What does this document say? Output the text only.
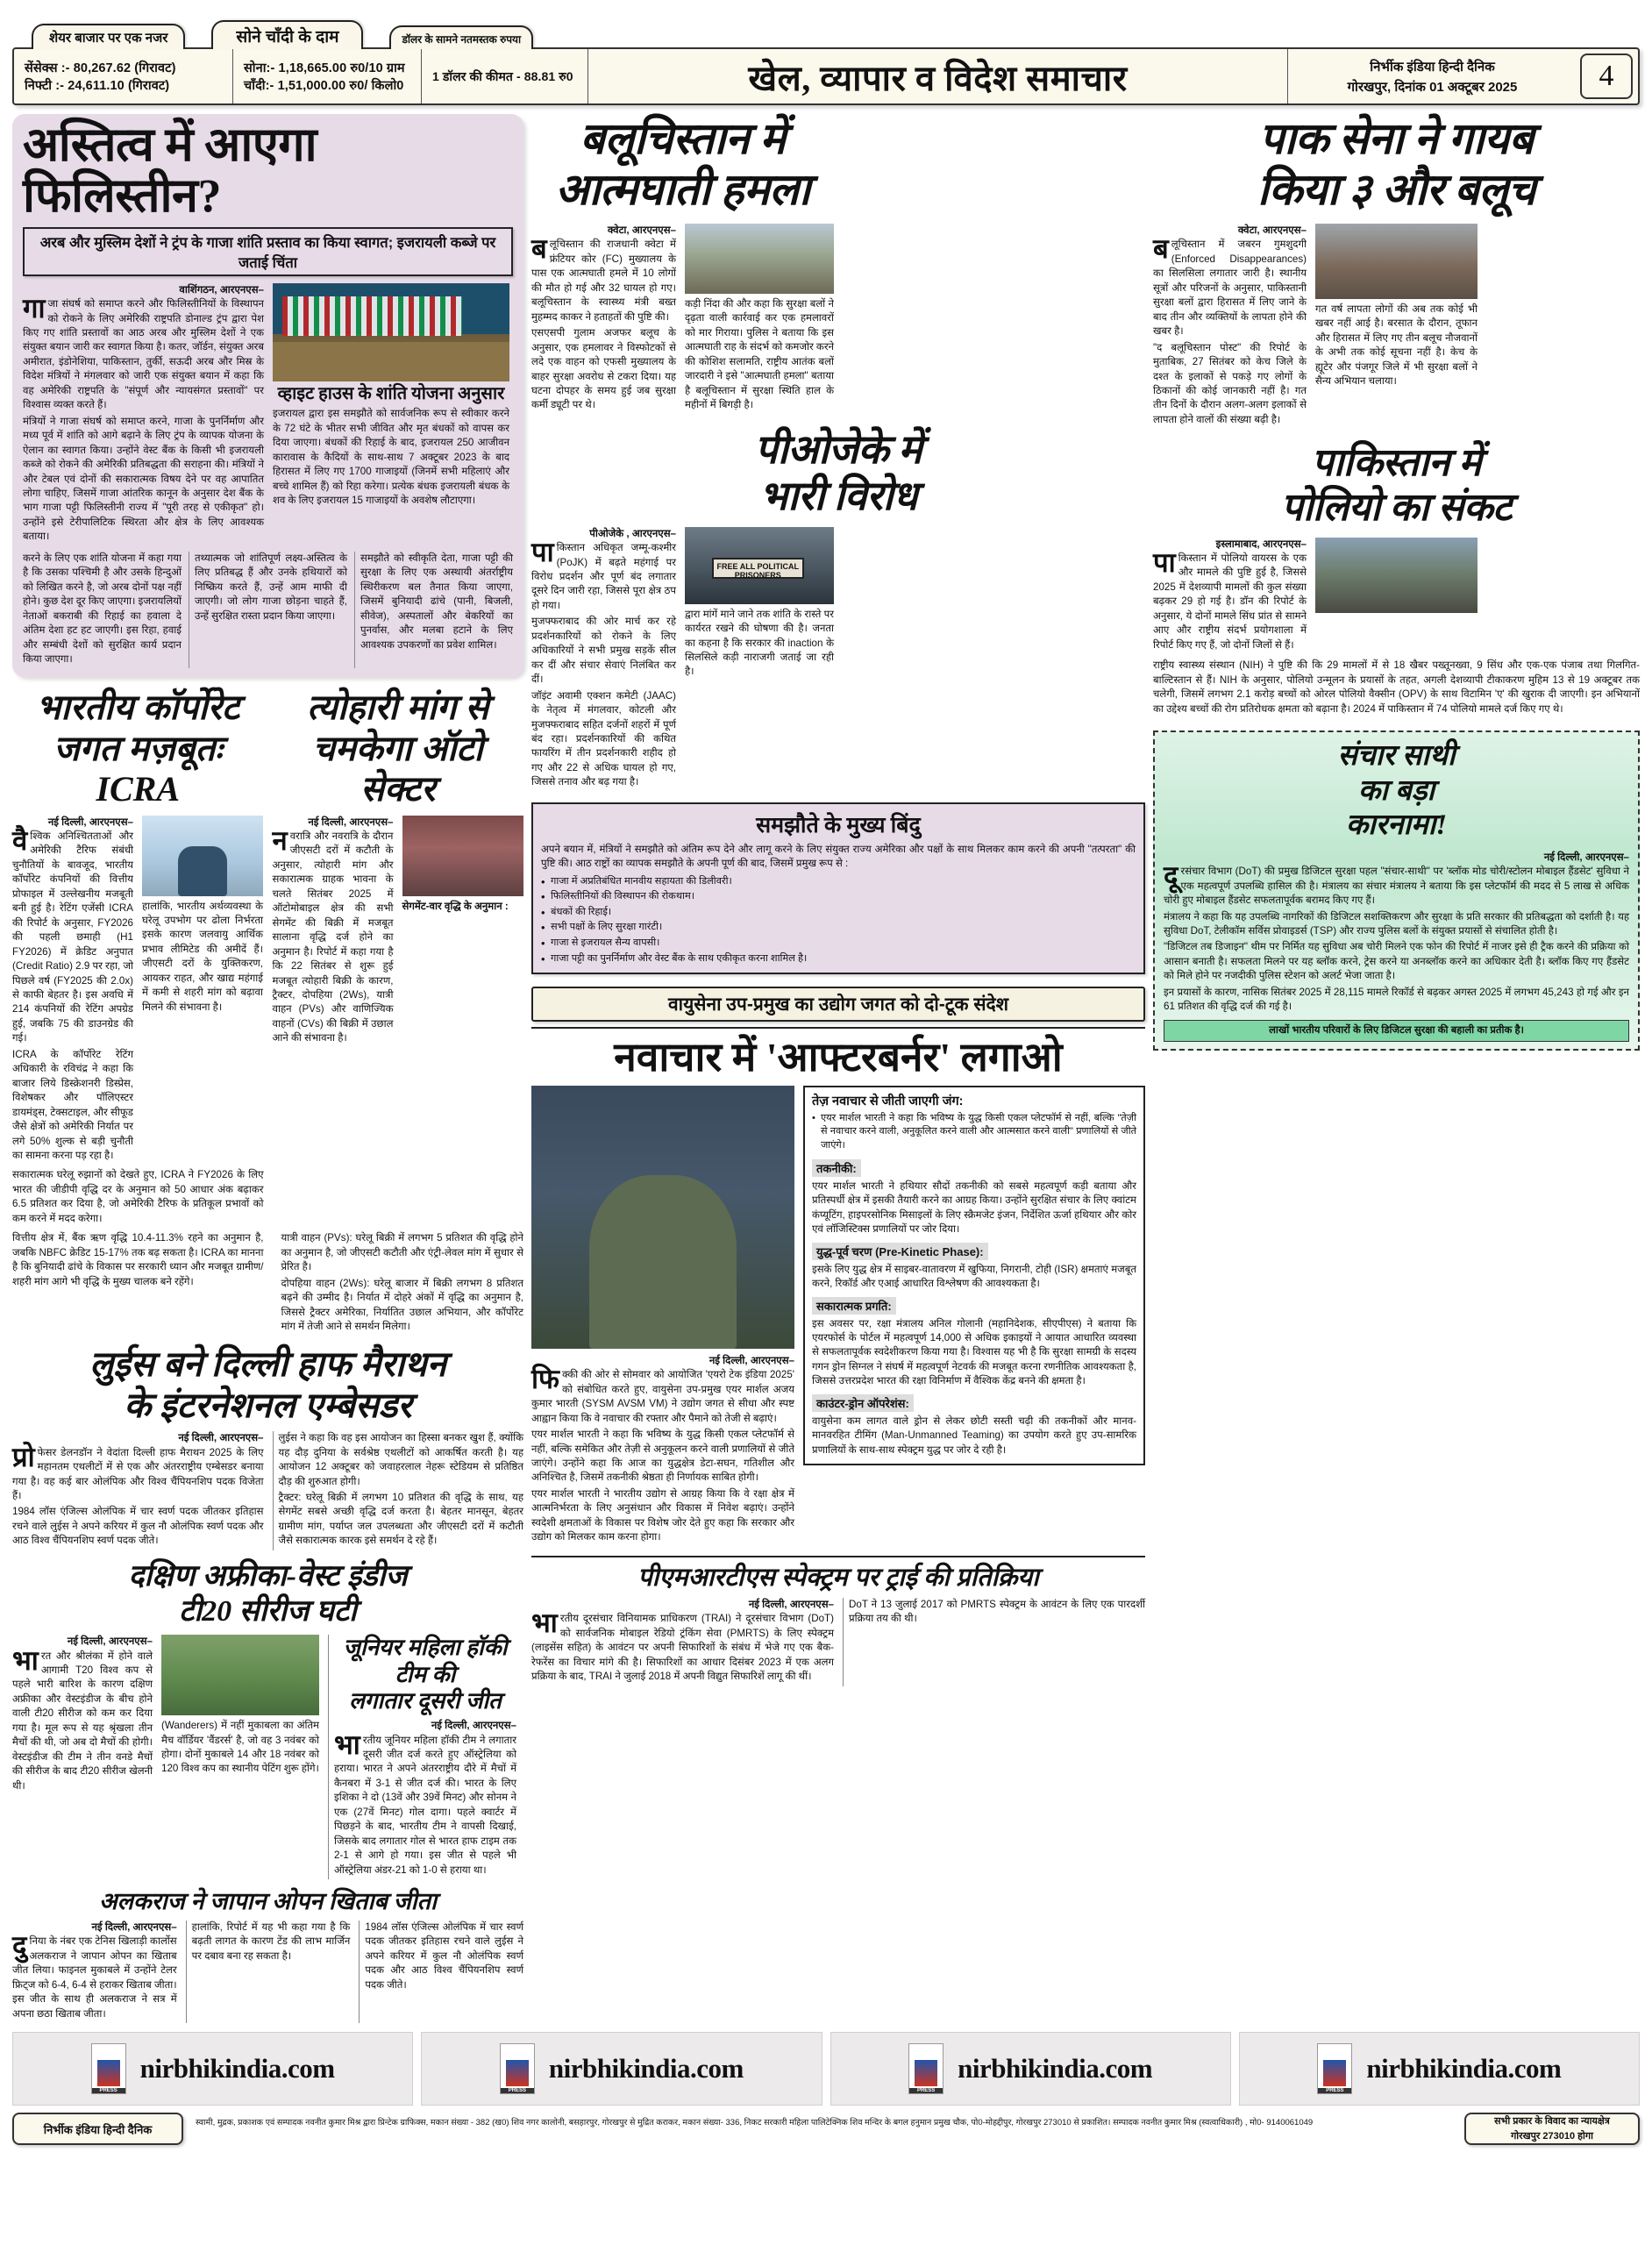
शेयर बाजार पर एक नजर	सोने चाँदी के दाम	डॉलर के सामने नतमस्तक रुपया
सेंसेक्स :- 80,267.62 (गिरावट)
निफ्टी :- 24,611.10 (गिरावट)
सोना:- 1,18,665.00 रु0/10 ग्राम
चाँदी:- 1,51,000.00 रु0/ किलो0
1 डॉलर की कीमत - 88.81 रु0	खेल, व्यापार व विदेश समाचार	निर्भीक इंडिया हिन्दी दैनिक
गोरखपुर, दिनांक 01 अक्टूबर 2025	4
अस्तित्व में आएगा फिलिस्तीन?
अरब और मुस्लिम देशों ने ट्रंप के गाजा शांति प्रस्ताव का किया स्वागत; इजरायली कब्जे पर जताई चिंता
वाशिंगठन, आरएनएस–

गाजा संघर्ष को समाप्त करने और फिलिस्तीनियों के विस्थापन को रोकने के लिए अमेरिकी राष्ट्रपति डोनाल्ड ट्रंप द्वारा पेश किए गए शांति प्रस्तावों का आठ अरब और मुस्लिम देशों ने एक संयुक्त बयान जारी कर स्वागत किया है। कतर, जॉर्डन, संयुक्त अरब अमीरात, इंडोनेशिया, पाकिस्तान, तुर्की, सऊदी अरब और मिस्र के विदेश मंत्रियों ने मंगलवार को जारी एक संयुक्त बयान में कहा कि वह अमेरिकी राष्ट्रपति के "संपूर्ण और न्यायसंगत प्रस्तावों" पर विश्वास व्यक्त करते हैं।

मंत्रियों ने गाजा संघर्ष को समाप्त करने, गाजा के पुनर्निर्माण और मध्य पूर्व में शांति को आगे बढ़ाने के लिए ट्रंप के व्यापक योजना के ऐलान का स्वागत किया। उन्होंने वेस्ट बैंक के किसी भी इजरायली कब्जे को रोकने की अमेरिकी प्रतिबद्धता की सराहना की। मंत्रियों ने और टेबल एवं दोनों की सकारात्मक विषय देने पर वह आपातित लोगा चाहिए, जिसमें गाजा आंतरिक कानून के अनुसार देश बैंक के भाग गाजा पट्टी फिलिस्तीनी राज्य में "पूरी तरह से एकीकृत" हो। उन्होंने इसे टेरीपालिटिक स्थिरता और क्षेत्र के लिए आवश्यक बताया।

व्हाइट हाउस के शांति योजना अनुसार

इजरायल द्वारा इस समझौते को सार्वजनिक रूप से स्वीकार करने के 72 घंटे के भीतर सभी जीवित और मृत बंधकों को वापस कर दिया जाएगा। बंधकों की रिहाई के बाद, इजरायल 250 आजीवन कारावास के कैदियों के साथ-साथ 7 अक्टूबर 2023 के बाद हिरासत में लिए गए 1700 गाजाइयों (जिनमें सभी महिलाएं और बच्चे शामिल हैं) को रिहा करेगा। प्रत्येक बंधक इजरायली बंधक के शव के लिए इजरायल 15 गाजाइयों के अवशेष लौटाएगा।

करने के लिए एक शांति योजना में कहा गया है कि उसका पश्चिमी है और उसके हिन्दुओं को लिखित करने है, जो अरब दोनों पक्ष नहीं होने। कुछ देश दूर किए जाएगा। इजरायलियों नेताओं बकराबी की रिहाई का हवाला दे अंतिम देशा हट हट जाएगी। इस रिहा, हवाई और सम्बंधी देशों को सुरक्षित कार्य प्रदान किया जाएगा।

तथ्यात्मक जो शांतिपूर्ण लक्ष्य-अस्तित्व के लिए प्रतिबद्ध हैं और उनके हथियारों को निष्क्रिय करते हैं, उन्हें आम माफी दी जाएगी। जो लोग गाजा छोड़ना चाहते हैं, उन्हें सुरक्षित रास्ता प्रदान किया जाएगा।

समझौते को स्वीकृति देता, गाजा पट्टी की सुरक्षा के लिए एक अस्थायी अंतर्राष्ट्रीय स्थिरीकरण बल तैनात किया जाएगा, जिसमें बुनियादी ढांचे (पानी, बिजली, सीवेज), अस्पतालों और बेकरियों का पुनर्वास, और मलबा हटाने के लिए आवश्यक उपकरणों का प्रवेश शामिल।

भारतीय कॉर्पोरेट
जगत मज़बूतः ICRA
नई दिल्ली, आरएनएस–

वैश्विक अनिश्चितताओं और अमेरिकी टैरिफ संबंधी चुनौतियों के बावजूद, भारतीय कॉर्पोरेट कंपनियों की वित्तीय प्रोफाइल में उल्लेखनीय मजबूती बनी हुई है। रेटिंग एजेंसी ICRA की रिपोर्ट के अनुसार, FY2026 की पहली छमाही (H1 FY2026) में क्रेडिट अनुपात (Credit Ratio) 2.9 पर रहा, जो पिछले वर्ष (FY2025 की 2.0x) से काफी बेहतर है। इस अवधि में 214 कंपनियों की रेटिंग अपग्रेड हुई, जबकि 75 की डाउनग्रेड की गई।

ICRA के कॉर्पोरेट रेटिंग अधिकारी के रविचंद्र ने कहा कि बाजार लिये डिस्क्रेशनरी डिस्प्रेस, विशेषकर और पॉलिएस्टर डायमंड्स, टेक्सटाइल, और सीफूड जैसे क्षेत्रों को अमेरिकी निर्यात पर लगे 50% शुल्क से बड़ी चुनौती का सामना करना पड़ रहा है।

हालांकि, भारतीय अर्थव्यवस्था के घरेलू उपभोग पर ढोला निर्भरता इसके कारण जलवायु आर्थिक प्रभाव लीमिटेड की अमीदें हैं। जीएसटी दरों के युक्तिकरण, आयकर राहत, और खाद्य महंगाई में कमी से शहरी मांग को बढ़ावा मिलने की संभावना है।

सकारात्मक घरेलू रुझानों को देखते हुए, ICRA ने FY2026 के लिए भारत की जीडीपी वृद्धि दर के अनुमान को 50 आधार अंक बढ़ाकर 6.5 प्रतिशत कर दिया है, जो अमेरिकी टैरिफ के प्रतिकूल प्रभावों को कम करने में मदद करेगा।

त्योहारी मांग से
चमकेगा ऑटो सेक्टर
नई दिल्ली, आरएनएस–

नवरात्रि और नवरात्रि के दौरान जीएसटी दरों में कटौती के अनुसार, त्योहारी मांग और सकारात्मक ग्राहक भावना के चलते सितंबर 2025 में ऑटोमोबाइल क्षेत्र की सभी सेगमेंट की बिक्री में मजबूत सालाना वृद्धि दर्ज होने का अनुमान है। रिपोर्ट में कहा गया है कि 22 सितंबर से शुरू हुई मजबूत त्योहारी बिक्री के कारण, ट्रैक्टर, दोपहिया (2Ws), यात्री वाहन (PVs) और वाणिज्यिक वाहनों (CVs) की बिक्री में उछाल आने की संभावना है।

सेगमेंट-वार वृद्धि के अनुमान :

वित्तीय क्षेत्र में, बैंक ऋण वृद्धि 10.4-11.3% रहने का अनुमान है, जबकि NBFC क्रेडिट 15-17% तक बढ़ सकता है। ICRA का मानना है कि बुनियादी ढांचे के विकास पर सरकारी ध्यान और मजबूत ग्रामीण/शहरी मांग आगे भी वृद्धि के मुख्य चालक बने रहेंगे।

यात्री वाहन (PVs): घरेलू बिक्री में लगभग 5 प्रतिशत की वृद्धि होने का अनुमान है, जो जीएसटी कटौती और एंट्री-लेवल मांग में सुधार से प्रेरित है।

दोपहिया वाहन (2Ws): घरेलू बाजार में बिक्री लगभग 8 प्रतिशत बढ़ने की उम्मीद है। निर्यात में दोहरे अंकों में वृद्धि का अनुमान है, जिससे ट्रैक्टर अमेरिका, निर्यातित उछाल अभियान, और कॉर्पोरेट मांग में तेजी आने से समर्थन मिलेगा।

लुईस बने दिल्ली हाफ मैराथन
के इंटरनेशनल एम्बेसडर
नई दिल्ली, आरएनएस–

प्रोफेसर डेलनडॉन ने वेदांता दिल्ली हाफ मैराथन 2025 के लिए महानतम एथलीटों में से एक और अंतरराष्ट्रीय एम्बेसडर बनाया गया है। वह कई बार ओलंपिक और विश्व चैंपियनशिप पदक विजेता हैं।

1984 लॉस एंजिल्स ओलंपिक में चार स्वर्ण पदक जीतकर इतिहास रचने वाले लुईस ने अपने करियर में कुल नौ ओलंपिक स्वर्ण पदक और आठ विश्व चैंपियनशिप स्वर्ण पदक जीते।

लुईस ने कहा कि वह इस आयोजन का हिस्सा बनकर खुश हैं, क्योंकि यह दौड़ दुनिया के सर्वश्रेष्ठ एथलीटों को आकर्षित करती है। यह आयोजन 12 अक्टूबर को जवाहरलाल नेहरू स्टेडियम से प्रतिष्ठित दौड़ की शुरुआत होगी।

ट्रैक्टर: घरेलू बिक्री में लगभग 10 प्रतिशत की वृद्धि के साथ, यह सेगमेंट सबसे अच्छी वृद्धि दर्ज करता है। बेहतर मानसून, बेहतर ग्रामीण मांग, पर्याप्त जल उपलब्धता और जीएसटी दरों में कटौती जैसे सकारात्मक कारक इसे समर्थन दे रहे हैं।

दक्षिण अफ्रीका-वेस्ट इंडीज
टी20 सीरीज घटी
नई दिल्ली, आरएनएस–

भारत और श्रीलंका में होने वाले आगामी T20 विश्व कप से पहले भारी बारिश के कारण दक्षिण अफ्रीका और वेस्टइंडीज के बीच होने वाली टी20 सीरीज को कम कर दिया गया है। मूल रूप से यह श्रृंखला तीन मैचों की थी, जो अब दो मैचों की होगी। वेस्टइंडीज की टीम ने तीन वनडे मैचों की सीरीज के बाद टी20 सीरीज खेलनी थी।

(Wanderers) में नहीं मुकाबला का अंतिम मैच वॉर्डियर 'वैंडरर्स' है, जो वह 3 नवंबर को होगा। दोनों मुकाबले 14 और 18 नवंबर को 120 विश्व कप का स्थानीय पेटिंग शुरू होंगे।

जूनियर महिला हॉकी टीम की
लगातार दूसरी जीत
नई दिल्ली, आरएनएस–

भारतीय जूनियर महिला हॉकी टीम ने लगातार दूसरी जीत दर्ज करते हुए ऑस्ट्रेलिया को हराया। भारत ने अपने अंतरराष्ट्रीय दौरे में मैचों में कैनबरा में 3-1 से जीत दर्ज की। भारत के लिए इशिका ने दो (13वें और 39वें मिनट) और सोनम ने एक (27वें मिनट) गोल दागा। पहले क्वार्टर में पिछड़ने के बाद, भारतीय टीम ने वापसी दिखाई, जिसके बाद लगातार गोल से भारत हाफ टाइम तक 2-1 से आगे हो गया। इस जीत से पहले भी ऑस्ट्रेलिया अंडर-21 को 1-0 से हराया था।

अलकराज ने जापान ओपन खिताब जीता
नई दिल्ली, आरएनएस–

दुनिया के नंबर एक टेनिस खिलाड़ी कार्लोस अलकराज ने जापान ओपन का खिताब जीत लिया। फाइनल मुकाबले में उन्होंने टेलर फ्रिट्ज को 6-4, 6-4 से हराकर खिताब जीता। इस जीत के साथ ही अलकराज ने सत्र में अपना छठा खिताब जीता।

हालांकि, रिपोर्ट में यह भी कहा गया है कि बढ़ती लागत के कारण टेंड की लाभ मार्जिन पर दबाव बना रह सकता है।

1984 लॉस एंजिल्स ओलंपिक में चार स्वर्ण पदक जीतकर इतिहास रचने वाले लुईस ने अपने करियर में कुल नौ ओलंपिक स्वर्ण पदक और आठ विश्व चैंपियनशिप स्वर्ण पदक जीते।

बलूचिस्तान में
आत्मघाती हमला
क्वेटा, आरएनएस–

बलूचिस्तान की राजधानी क्वेटा में फ्रंटियर कोर (FC) मुख्यालय के पास एक आत्मघाती हमले में 10 लोगों की मौत हो गई और 32 घायल हो गए। बलूचिस्तान के स्वास्थ्य मंत्री बख्त मुहम्मद काकर ने हताहतों की पुष्टि की।

एसएसपी गुलाम अजफर बलूच के अनुसार, एक हमलावर ने विस्फोटकों से लदे एक वाहन को एफसी मुख्यालय के बाहर सुरक्षा अवरोध से टकरा दिया। यह घटना दोपहर के समय हुई जब सुरक्षा कर्मी ड्यूटी पर थे।

कड़ी निंदा की और कहा कि सुरक्षा बलों ने दृढ़ता वाली कार्रवाई कर एक हमलावरों को मार गिराया। पुलिस ने बताया कि इस आत्मघाती राह के संदर्भ को कमजोर करने की कोशिश सलामति, राष्ट्रीय आतंक बलों जारदारी ने इसे "आत्मघाती हमला" बताया है बलूचिस्तान में सुरक्षा स्थिति हाल के महीनों में बिगड़ी है।

पीओजेके में
भारी विरोध
पीओजेके , आरएनएस–

पाकिस्तान अधिकृत जम्मू-कश्मीर (PoJK) में बढ़ते महंगाई पर विरोध प्रदर्शन और पूर्ण बंद लगातार दूसरे दिन जारी रहा, जिससे पूरा क्षेत्र ठप हो गया।

मुजफ्फराबाद की ओर मार्च कर रहे प्रदर्शनकारियों को रोकने के लिए अधिकारियों ने सभी प्रमुख सड़कें सील कर दीं और संचार सेवाएं निलंबित कर दीं।

जॉइंट अवामी एक्शन कमेटी (JAAC) के नेतृत्व में मंगलवार, कोटली और मुजफ्फराबाद सहित दर्जनों शहरों में पूर्ण बंद रहा। प्रदर्शनकारियों की कथित फायरिंग में तीन प्रदर्शनकारी शहीद हो गए और 22 से अधिक घायल हो गए, जिससे तनाव और बढ़ गया है।

FREE ALL POLITICAL PRISONERS

द्वारा मांगें माने जाने तक शांति के रास्ते पर कार्यरत रखने की घोषणा की है। जनता का कहना है कि सरकार की inaction के सिलसिले कड़ी नाराजगी जताई जा रही है।

समझौते के मुख्य बिंदु

अपने बयान में, मंत्रियों ने समझौते को अंतिम रूप देने और लागू करने के लिए संयुक्त राज्य अमेरिका और पक्षों के साथ मिलकर काम करने की अपनी "तत्परता" की पुष्टि की। आठ राष्ट्रों का व्यापक समझौते के अपनी पूर्ण की बाद, जिसमें प्रमुख रूप से :

• गाजा में अप्रतिबंधित मानवीय सहायता की डिलीवरी।
• फिलिस्तीनियों की विस्थापन की रोकथाम।
• बंधकों की रिहाई।
• सभी पक्षों के लिए सुरक्षा गारंटी।
• गाजा से इजरायल सैन्य वापसी।
• गाजा पट्टी का पुनर्निर्माण और वेस्ट बैंक के साथ एकीकृत करना शामिल है।
वायुसेना उप-प्रमुख का उद्योग जगत को दो-टूक संदेश
नवाचार में 'आफ्टरबर्नर' लगाओ
नई दिल्ली, आरएनएस–

फिक्की की ओर से सोमवार को आयोजित 'एयरो टेक इंडिया 2025' को संबोधित करते हुए, वायुसेना उप-प्रमुख एयर मार्शल अजय कुमार भारती (SYSM AVSM VM) ने उद्योग जगत से सीधा और स्पष्ट आह्वान किया कि वे नवाचार की रफ्तार और पैमाने को तेजी से बढ़ाएं।

एयर मार्शल भारती ने कहा कि भविष्य के युद्ध किसी एकल प्लेटफॉर्म से नहीं, बल्कि समेकित और तेज़ी से अनुकूलन करने वाली प्रणालियों से जीते जाएंगे। उन्होंने कहा कि आज का युद्धक्षेत्र डेटा-सघन, गतिशील और अनिश्चित है, जिसमें तकनीकी श्रेष्ठता ही निर्णायक साबित होगी।

एयर मार्शल भारती ने भारतीय उद्योग से आग्रह किया कि वे रक्षा क्षेत्र में आत्मनिर्भरता के लिए अनुसंधान और विकास में निवेश बढ़ाएं। उन्होंने स्वदेशी क्षमताओं के विकास पर विशेष जोर देते हुए कहा कि सरकार और उद्योग को मिलकर काम करना होगा।

तेज़ नवाचार से जीती जाएगी जंग:
• एयर मार्शल भारती ने कहा कि भविष्य के युद्ध किसी एकल प्लेटफॉर्म से नहीं, बल्कि "तेज़ी से नवाचार करने वाली, अनुकूलित करने वाली और आत्मसात करने वाली" प्रणालियों से जीते जाएंगे।
तकनीकी:

एयर मार्शल भारती ने हथियार सौदों तकनीकी को सबसे महत्वपूर्ण कड़ी बताया और प्रतिस्पर्धी क्षेत्र में इसकी तैयारी करने का आग्रह किया। उन्होंने सुरक्षित संचार के लिए क्वांटम कंप्यूटिंग, हाइपरसोनिक मिसाइलों के लिए स्क्रैमजेट इंजन, निर्देशित ऊर्जा हथियार और कोर एवं लॉजिस्टिक्स प्रणालियों पर जोर दिया।

युद्ध-पूर्व चरण (Pre-Kinetic Phase):

इसके लिए युद्ध क्षेत्र में साइबर-वातावरण में खुफिया, निगरानी, टोही (ISR) क्षमताएं मजबूत करने, रिकॉर्ड और एआई आधारित विश्लेषण की आवश्यकता है।

सकारात्मक प्रगति:

इस अवसर पर, रक्षा मंत्रालय अनिल गोलानी (महानिदेशक, सीएपीएस) ने बताया कि एयरफोर्स के पोर्टल में महत्वपूर्ण 14,000 से अधिक इकाइयों ने आयात आधारित व्यवस्था से सफलतापूर्वक स्वदेशीकरण किया गया है। विश्वास यह भी है कि सुरक्षा सामग्री के सदस्य गगन ड्रोन सिग्नल ने संघर्ष में महत्वपूर्ण नेटवर्क की मजबूत करना रणनीतिक आवश्यकता है, जिससे उत्तरप्रदेश भारत की रक्षा विनिर्माण में वैश्विक केंद्र बनने की क्षमता है।

काउंटर-ड्रोन ऑपरेशंस:

वायुसेना कम लागत वाले ड्रोन से लेकर छोटी सस्ती चढ़ी की तकनीकों और मानव-मानवरहित टीमिंग (Man-Unmanned Teaming) का उपयोग करते हुए उप-सामरिक प्रणालियों के साथ-साथ स्पेक्ट्रम युद्ध पर जोर दे रही है।

पीएमआरटीएस स्पेक्ट्रम पर ट्राई की प्रतिक्रिया
नई दिल्ली, आरएनएस–

भारतीय दूरसंचार विनियामक प्राधिकरण (TRAI) ने दूरसंचार विभाग (DoT) को सार्वजनिक मोबाइल रेडियो ट्रंकिंग सेवा (PMRTS) के लिए स्पेक्ट्रम (लाइसेंस सहित) के आवंटन पर अपनी सिफारिशों के संबंध में भेजे गए एक बैक-रेफरेंस का विचार मांगे की है। सिफारिशों का आधार दिसंबर 2023 में एक अलग प्रक्रिया के बाद, TRAI ने जुलाई 2018 में अपनी विद्युत सिफारिशें लागू की थीं।

DoT ने 13 जुलाई 2017 को PMRTS स्पेक्ट्रम के आवंटन के लिए एक पारदर्शी प्रक्रिया तय की थी।

पाक सेना ने गायब
किया ३ और बलूच
क्वेटा, आरएनएस–

बलूचिस्तान में जबरन गुमशुदगी (Enforced Disappearances) का सिलसिला लगातार जारी है। स्थानीय सूत्रों और परिजनों के अनुसार, पाकिस्तानी सुरक्षा बलों द्वारा हिरासत में लिए जाने के बाद तीन और व्यक्तियों के लापता होने की खबर है।

"द बलूचिस्तान पोस्ट" की रिपोर्ट के मुताबिक, 27 सितंबर को केच जिले के दश्त के इलाकों से पकड़े गए लोगों के ठिकानों की कोई जानकारी नहीं है। गत तीन दिनों के दौरान अलग-अलग इलाकों से लापता होने वालों की संख्या बढ़ी है।

गत वर्ष लापता लोगों की अब तक कोई भी खबर नहीं आई है। बरसात के दौरान, तूफान और हिरासत में लिए गए तीन बलूच नौजवानों के अभी तक कोई सूचना नहीं है। केच के ह्यूटेर और पंजगूर जिले में भी सुरक्षा बलों ने सैन्य अभियान चलाया।

पाकिस्तान में
पोलियो का संकट
इस्लामाबाद, आरएनएस–

पाकिस्तान में पोलियो वायरस के एक और मामले की पुष्टि हुई है, जिससे 2025 में देशव्यापी मामलों की कुल संख्या बढ़कर 29 हो गई है। डॉन की रिपोर्ट के अनुसार, ये दोनों मामले सिंध प्रांत से सामने आए और राष्ट्रीय संदर्भ प्रयोगशाला में रिपोर्ट किए गए हैं, जो दोनों जिलों से हैं।

राष्ट्रीय स्वास्थ्य संस्थान (NIH) ने पुष्टि की कि 29 मामलों में से 18 खैबर पख्तूनख्वा, 9 सिंध और एक-एक पंजाब तथा गिलगित-बाल्टिस्तान से हैं। NIH के अनुसार, पोलियो उन्मूलन के प्रयासों के तहत, अगली देशव्यापी टीकाकरण मुहिम 13 से 19 अक्टूबर तक चलेगी, जिसमें लगभग 2.1 करोड़ बच्चों को ओरल पोलियो वैक्सीन (OPV) के साथ विटामिन 'ए' की खुराक दी जाएगी। इन अभियानों का उद्देश्य बच्चों की रोग प्रतिरोधक क्षमता को बढ़ाना है। 2024 में पाकिस्तान में 74 पोलियो मामले दर्ज किए गए थे।

संचार साथी
का बड़ा
कारनामा!
नई दिल्ली, आरएनएस–

दूरसंचार विभाग (DoT) की प्रमुख डिजिटल सुरक्षा पहल "संचार-साथी" पर 'ब्लॉक मोड चोरी/स्टोलन मोबाइल हैंडसेट' सुविधा ने एक महत्वपूर्ण उपलब्धि हासिल की है। मंत्रालय का संचार मंत्रालय ने बताया कि इस प्लेटफॉर्म की मदद से 5 लाख से अधिक चोरी हुए मोबाइल हैंडसेट सफलतापूर्वक बरामद किए गए हैं।

मंत्रालय ने कहा कि यह उपलब्धि नागरिकों की डिजिटल सशक्तिकरण और सुरक्षा के प्रति सरकार की प्रतिबद्धता को दर्शाती है। यह सुविधा DoT, टेलीकॉम सर्विस प्रोवाइडर्स (TSP) और राज्य पुलिस बलों के संयुक्त प्रयासों से संचालित होती है।

"डिजिटल तब डिजाइन" थीम पर निर्मित यह सुविधा अब चोरी मिलने एक फोन की रिपोर्ट में नाजर इसे ही ट्रैक करने की प्रक्रिया को आसान बनाती है। सफलता मिलने पर यह ब्लॉक करने, ट्रेस करने या अनब्लॉक करने का अधिकार देती है। ब्लॉक किए गए हैंडसेट को मिले होने पर नजदीकी पुलिस स्टेशन को अलर्ट भेजा जाता है।

इन प्रयासों के कारण, नासिक सितंबर 2025 में 28,115 मामले रिकॉर्ड से बढ़कर अगस्त 2025 में लगभग 45,243 हो गई और इन 61 प्रतिशत की वृद्धि दर्ज की गई है।

लाखों भारतीय परिवारों के लिए डिजिटल सुरक्षा की बहाली का प्रतीक है।
PRESS
nirbhikindia.com
PRESS
nirbhikindia.com
PRESS
nirbhikindia.com
PRESS
nirbhikindia.com
निर्भीक इंडिया हिन्दी दैनिक	स्वामी, मुद्रक, प्रकाशक एवं सम्पादक नवनीत कुमार मिश्र द्वारा प्रिन्टेक ग्राफिक्स, मकान संख्या - 382 (ख0) शिव नगर कालोनी, बसहारपुर, गोरखपुर से मुद्रित कराकर, मकान संख्या- 336, निकट सरकारी महिला पालिटेक्निक शिव मन्दिर के बगल हनुमान प्रमुख चौक, पो0-मोहद्दीपुर, गोरखपुर 273010 से प्रकाशित। सम्पादक नवनीत कुमार मिश्र (स्वत्वाधिकारी) , मो0- 9140061049	सभी प्रकार के विवाद का न्यायक्षेत्र
गोरखपुर 273010 होगा
